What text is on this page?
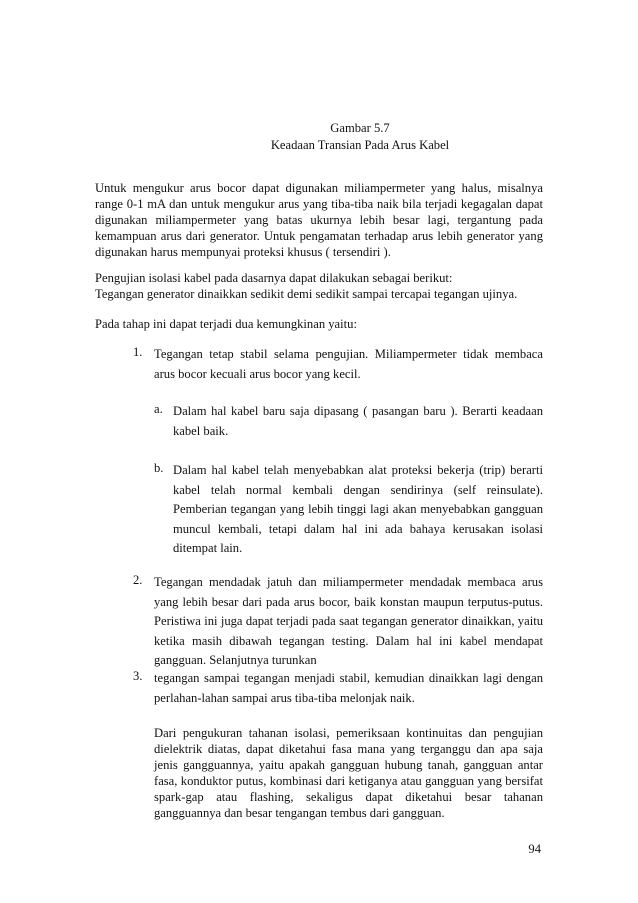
Gambar 5.7
Keadaan Transian Pada Arus Kabel
Untuk mengukur arus bocor dapat digunakan miliampermeter yang halus, misalnya range 0-1 mA dan untuk mengukur arus yang tiba-tiba naik bila terjadi kegagalan dapat digunakan miliampermeter yang batas ukurnya lebih besar lagi, tergantung pada kemampuan arus dari generator. Untuk pengamatan terhadap arus lebih generator yang digunakan harus mempunyai proteksi khusus ( tersendiri ).
Pengujian isolasi kabel pada dasarnya dapat dilakukan sebagai berikut:
Tegangan generator dinaikkan sedikit demi sedikit sampai tercapai tegangan ujinya.
Pada tahap ini dapat terjadi dua kemungkinan yaitu:
1. Tegangan tetap stabil selama pengujian. Miliampermeter tidak membaca arus bocor kecuali arus bocor yang kecil.
a. Dalam hal kabel baru saja dipasang ( pasangan baru ). Berarti keadaan kabel baik.
b. Dalam hal kabel telah menyebabkan alat proteksi bekerja (trip) berarti kabel telah normal kembali dengan sendirinya (self reinsulate). Pemberian tegangan yang lebih tinggi lagi akan menyebabkan gangguan muncul kembali, tetapi dalam hal ini ada bahaya kerusakan isolasi ditempat lain.
2. Tegangan mendadak jatuh dan miliampermeter mendadak membaca arus yang lebih besar dari pada arus bocor, baik konstan maupun terputus-putus. Peristiwa ini juga dapat terjadi pada saat tegangan generator dinaikkan, yaitu ketika masih dibawah tegangan testing. Dalam hal ini kabel mendapat gangguan. Selanjutnya turunkan
3. tegangan sampai tegangan menjadi stabil, kemudian dinaikkan lagi dengan perlahan-lahan sampai arus tiba-tiba melonjak naik.
Dari pengukuran tahanan isolasi, pemeriksaan kontinuitas dan pengujian dielektrik diatas, dapat diketahui fasa mana yang terganggu dan apa saja jenis gangguannya, yaitu apakah gangguan hubung tanah, gangguan antar fasa, konduktor putus, kombinasi dari ketiganya atau gangguan yang bersifat spark-gap atau flashing, sekaligus dapat diketahui besar tahanan gangguannya dan besar tengangan tembus dari gangguan.
94
